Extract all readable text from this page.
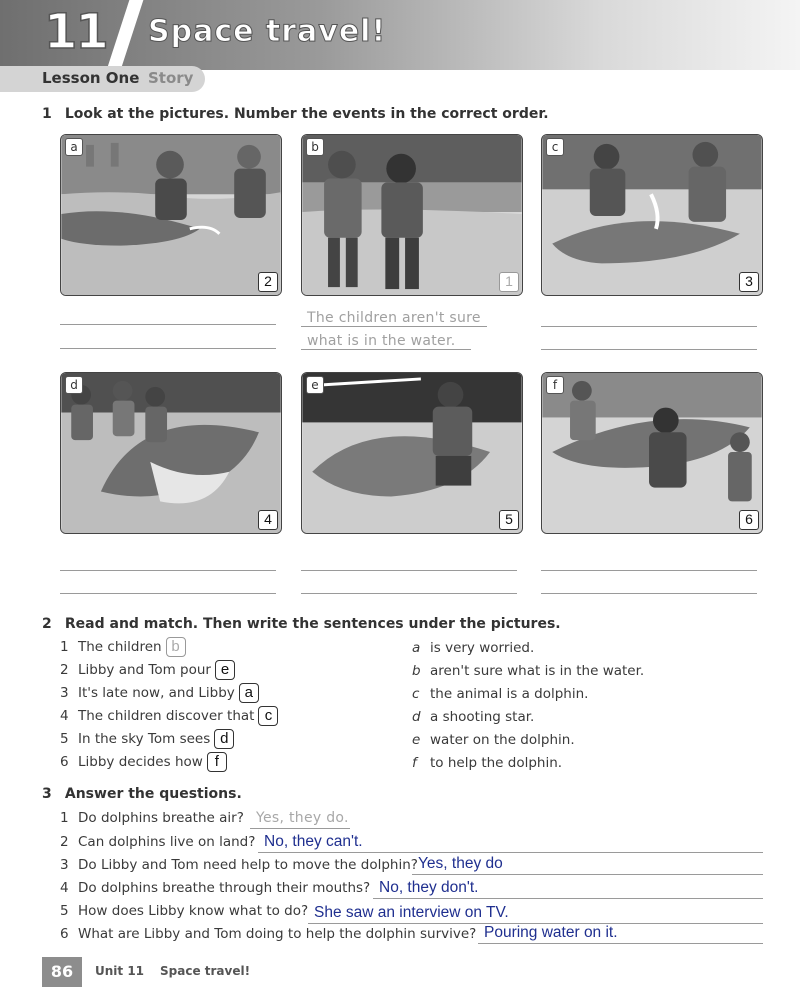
11 Space travel!
Lesson One Story
1 Look at the pictures. Number the events in the correct order.
a
2
b
1
c
3
The children aren't sure
what is in the water.
d
4
e
5
f
6
2 Read and match. Then write the sentences under the pictures.
1 The children b
2 Libby and Tom pour e
3 It's late now, and Libby a
4 The children discover that c
5 In the sky Tom sees d
6 Libby decides how f
a is very worried.
b aren't sure what is in the water.
c the animal is a dolphin.
d a shooting star.
e water on the dolphin.
f to help the dolphin.
3 Answer the questions.
1 Do dolphins breathe air? Yes, they do.
2 Can dolphins live on land? No, they can't.
3 Do Libby and Tom need help to move the dolphin? Yes, they do
4 Do dolphins breathe through their mouths? No, they don't.
5 How does Libby know what to do? She saw an interview on TV.
6 What are Libby and Tom doing to help the dolphin survive? Pouring water on it.
86	Unit 11 Space travel!
